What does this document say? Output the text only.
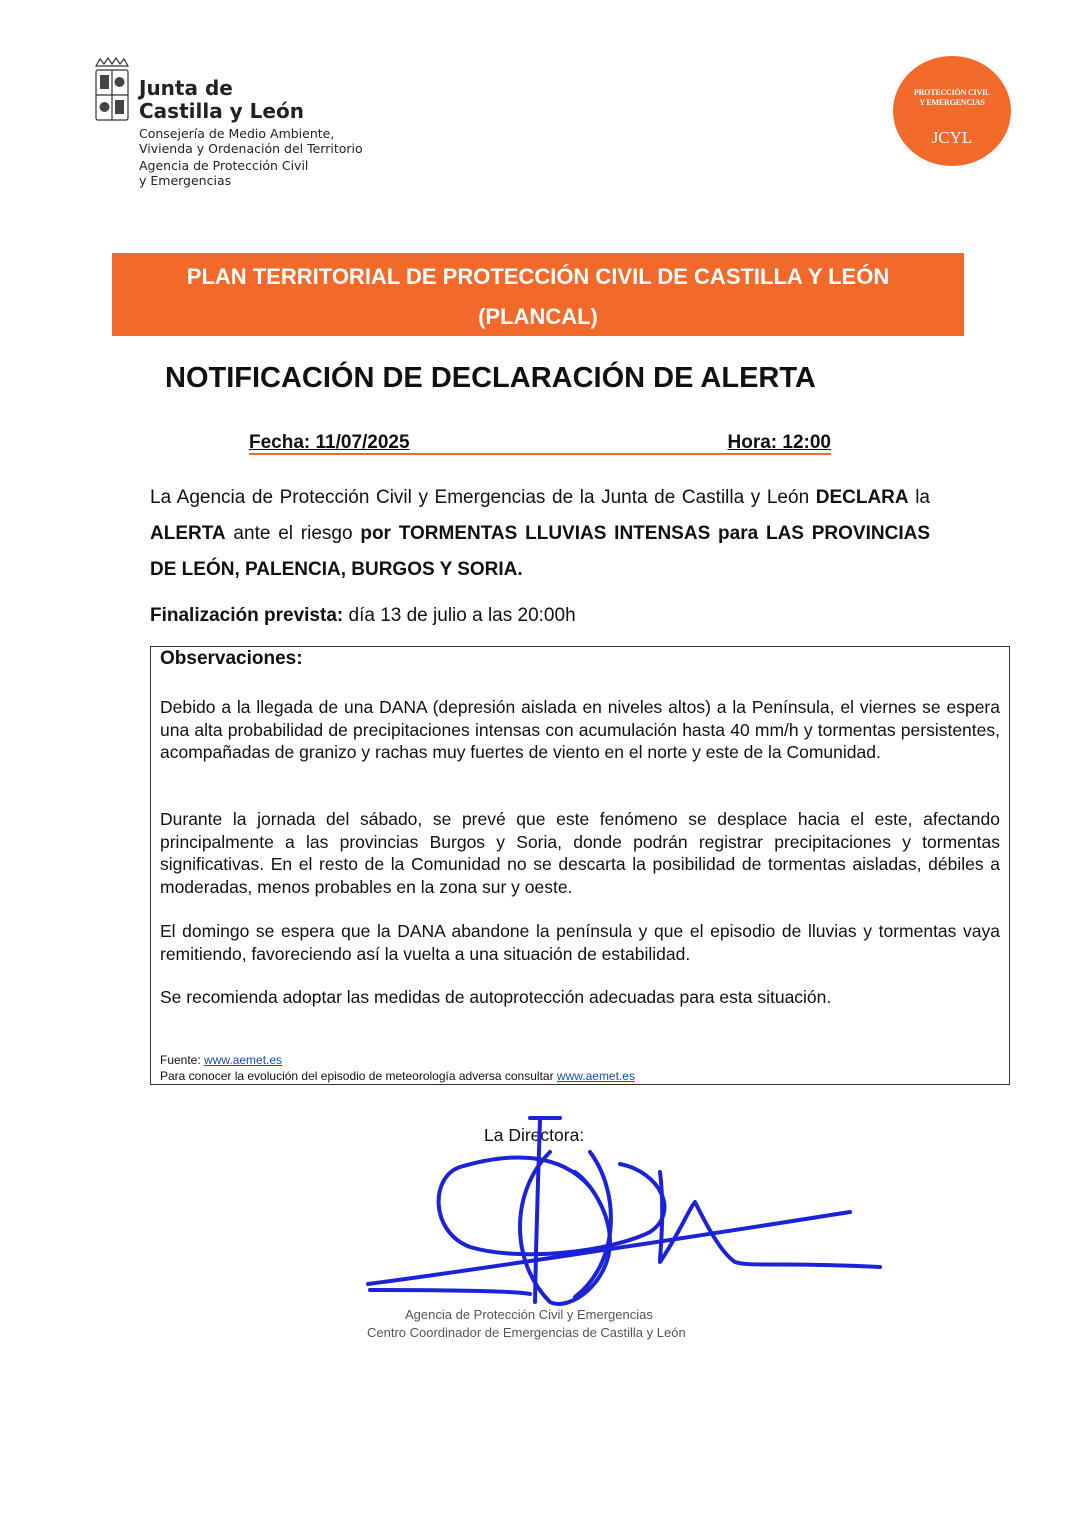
Junta de
Castilla y León
Consejería de Medio Ambiente,
Vivienda y Ordenación del Territorio
Agencia de Protección Civil
y Emergencias
PROTECCIÓN CIVIL
Y EMERGENCIAS
JCYL
PLAN TERRITORIAL DE PROTECCIÓN CIVIL DE CASTILLA Y LEÓN
(PLANCAL)
NOTIFICACIÓN DE DECLARACIÓN DE ALERTA
Fecha: 11/07/2025	Hora: 12:00
La Agencia de Protección Civil y Emergencias de la Junta de Castilla y León DECLARA la ALERTA ante el riesgo por TORMENTAS LLUVIAS INTENSAS para LAS PROVINCIAS DE LEÓN, PALENCIA, BURGOS Y SORIA.
Finalización prevista: día 13 de julio a las 20:00h
Observaciones:
Debido a la llegada de una DANA (depresión aislada en niveles altos) a la Península, el viernes se espera una alta probabilidad de precipitaciones intensas con acumulación hasta 40 mm/h y tormentas persistentes, acompañadas de granizo y rachas muy fuertes de viento en el norte y este de la Comunidad.
Durante la jornada del sábado, se prevé que este fenómeno se desplace hacia el este, afectando principalmente a las provincias Burgos y Soria, donde podrán registrar precipitaciones y tormentas significativas. En el resto de la Comunidad no se descarta la posibilidad de tormentas aisladas, débiles a moderadas, menos probables en la zona sur y oeste.
El domingo se espera que la DANA abandone la península y que el episodio de lluvias y tormentas vaya remitiendo, favoreciendo así la vuelta a una situación de estabilidad.
Se recomienda adoptar las medidas de autoprotección adecuadas para esta situación.
Fuente: www.aemet.es
Para conocer la evolución del episodio de meteorología adversa consultar www.aemet.es
La Directora:
Agencia de Protección Civil y Emergencias
Centro Coordinador de Emergencias de Castilla y León
